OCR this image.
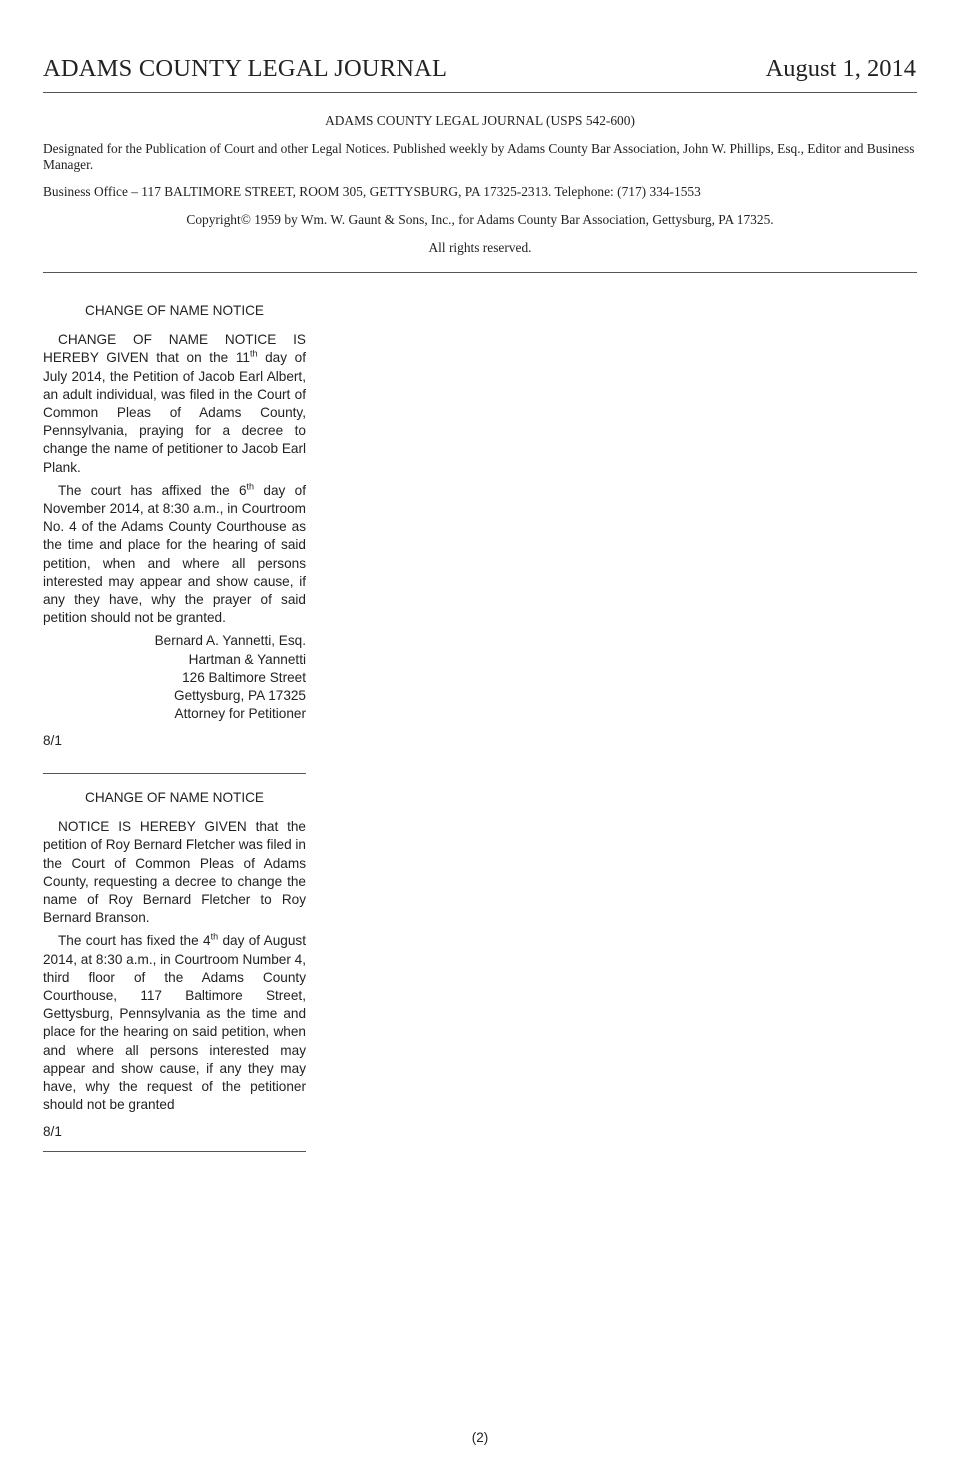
ADAMS COUNTY LEGAL JOURNAL	August 1, 2014
ADAMS COUNTY LEGAL JOURNAL (USPS 542-600)
Designated for the Publication of Court and other Legal Notices. Published weekly by Adams County Bar Association, John W. Phillips, Esq., Editor and Business Manager.
Business Office – 117 BALTIMORE STREET, ROOM 305, GETTYSBURG, PA 17325-2313. Telephone: (717) 334-1553
Copyright© 1959 by Wm. W. Gaunt & Sons, Inc., for Adams County Bar Association, Gettysburg, PA 17325.
All rights reserved.
CHANGE OF NAME NOTICE

CHANGE OF NAME NOTICE IS HEREBY GIVEN that on the 11th day of July 2014, the Petition of Jacob Earl Albert, an adult individual, was filed in the Court of Common Pleas of Adams County, Pennsylvania, praying for a decree to change the name of petitioner to Jacob Earl Plank.

The court has affixed the 6th day of November 2014, at 8:30 a.m., in Courtroom No. 4 of the Adams County Courthouse as the time and place for the hearing of said petition, when and where all persons interested may appear and show cause, if any they have, why the prayer of said petition should not be granted.

Bernard A. Yannetti, Esq.
Hartman & Yannetti
126 Baltimore Street
Gettysburg, PA 17325
Attorney for Petitioner
8/1
CHANGE OF NAME NOTICE

NOTICE IS HEREBY GIVEN that the petition of Roy Bernard Fletcher was filed in the Court of Common Pleas of Adams County, requesting a decree to change the name of Roy Bernard Fletcher to Roy Bernard Branson.

The court has fixed the 4th day of August 2014, at 8:30 a.m., in Courtroom Number 4, third floor of the Adams County Courthouse, 117 Baltimore Street, Gettysburg, Pennsylvania as the time and place for the hearing on said petition, when and where all persons interested may appear and show cause, if any they may have, why the request of the petitioner should not be granted

8/1
(2)
